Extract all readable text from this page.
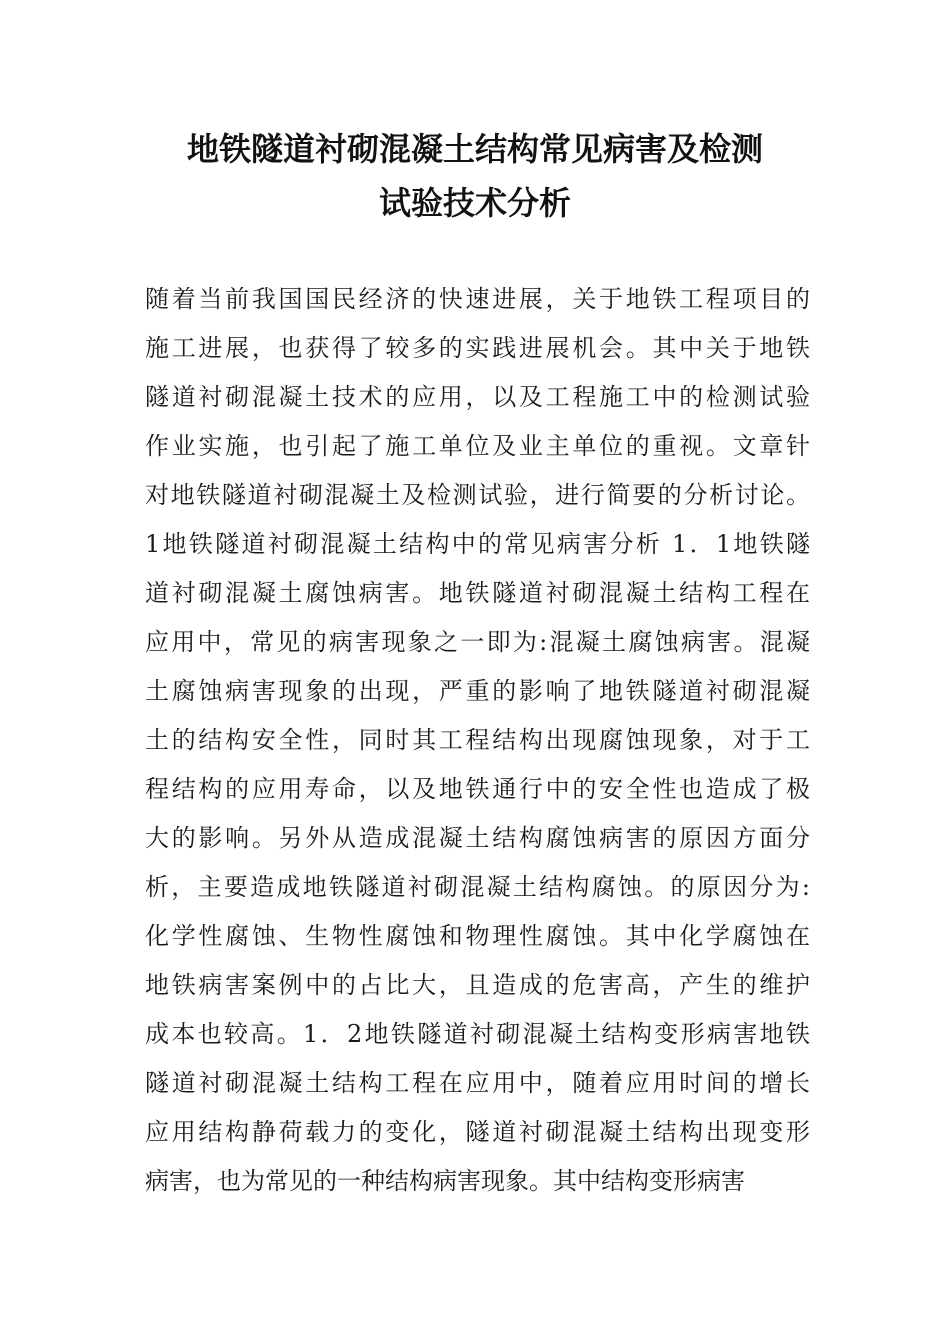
地铁隧道衬砌混凝土结构常见病害及检测
试验技术分析
随着当前我国国民经济的快速进展，关于地铁工程项目的
施工进展，也获得了较多的实践进展机会。其中关于地铁
隧道衬砌混凝土技术的应用，以及工程施工中的检测试验
作业实施，也引起了施工单位及业主单位的重视。文章针
对地铁隧道衬砌混凝土及检测试验，进行简要的分析讨论。
1地铁隧道衬砌混凝土结构中的常见病害分析 1．1地铁隧
道衬砌混凝土腐蚀病害。地铁隧道衬砌混凝土结构工程在
应用中，常见的病害现象之一即为:混凝土腐蚀病害。混凝
土腐蚀病害现象的出现，严重的影响了地铁隧道衬砌混凝
土的结构安全性，同时其工程结构出现腐蚀现象，对于工
程结构的应用寿命，以及地铁通行中的安全性也造成了极
大的影响。另外从造成混凝土结构腐蚀病害的原因方面分
析，主要造成地铁隧道衬砌混凝土结构腐蚀。的原因分为:
化学性腐蚀、生物性腐蚀和物理性腐蚀。其中化学腐蚀在
地铁病害案例中的占比大，且造成的危害高，产生的维护
成本也较高。1．2地铁隧道衬砌混凝土结构变形病害地铁
隧道衬砌混凝土结构工程在应用中，随着应用时间的增长
应用结构静荷载力的变化，隧道衬砌混凝土结构出现变形
病害，也为常见的一种结构病害现象。其中结构变形病害
